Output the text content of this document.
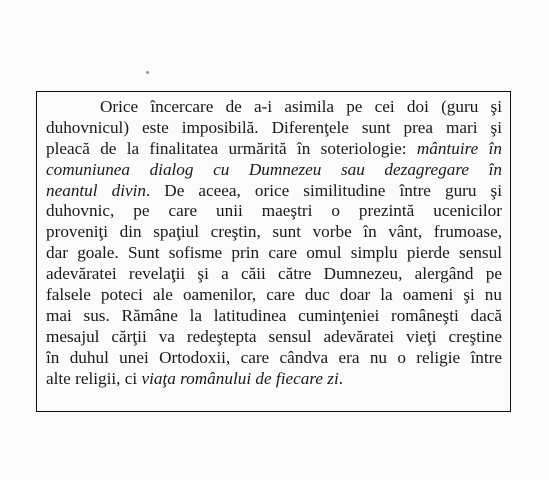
Orice încercare de a-i asimila pe cei doi (guru şi
duhovnicul) este imposibilă. Diferenţele sunt prea mari şi
pleacă de la finalitatea urmărită în soteriologie: mântuire în
comuniunea dialog cu Dumnezeu sau dezagregare în
neantul divin. De aceea, orice similitudine între guru şi
duhovnic, pe care unii maeştri o prezintă ucenicilor
proveniţi din spaţiul creştin, sunt vorbe în vânt, frumoase,
dar goale. Sunt sofisme prin care omul simplu pierde sensul
adevăratei revelaţii şi a căii către Dumnezeu, alergând pe
falsele poteci ale oamenilor, care duc doar la oameni şi nu
mai sus. Rămâne la latitudinea cuminţeniei româneşti dacă
mesajul cărţii va redeştepta sensul adevăratei vieţi creştine
în duhul unei Ortodoxii, care cândva era nu o religie între
alte religii, ci viaţa românului de fiecare zi.
